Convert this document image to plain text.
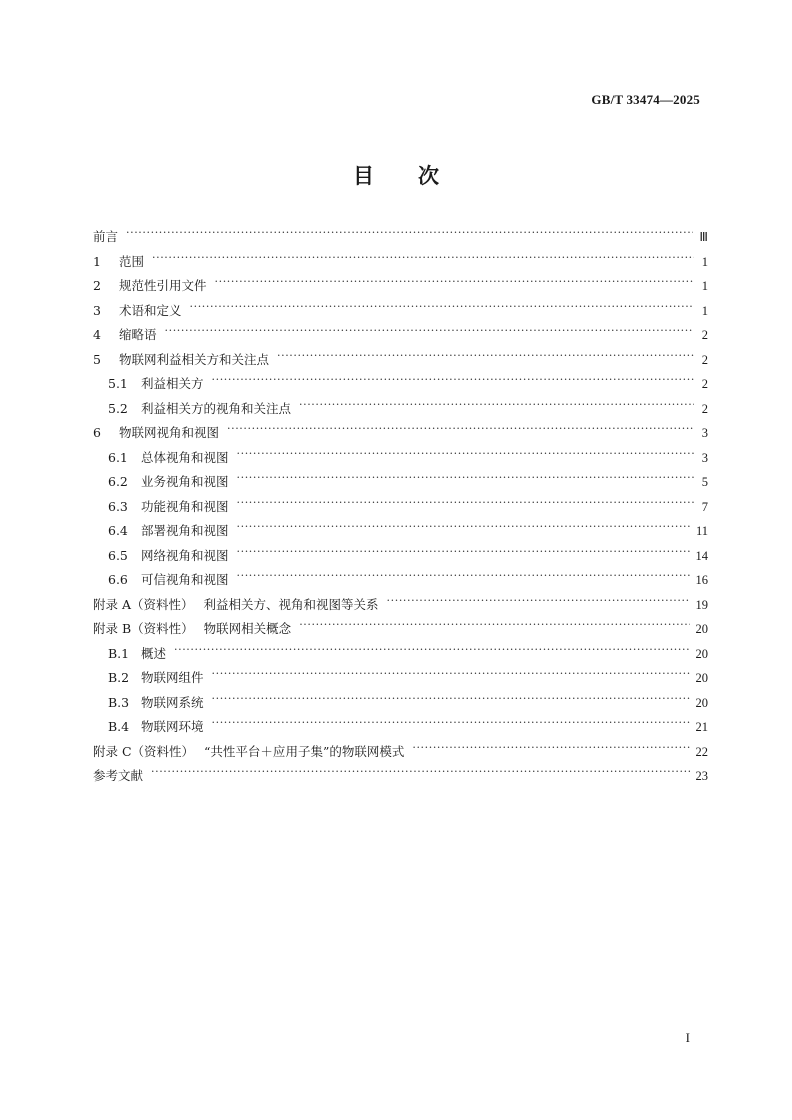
GB/T 33474—2025
目 次
前言 ·····	Ⅲ
1	范围 ·····	1
2	规范性引用文件 ·····	1
3	术语和定义 ·····	1
4	缩略语 ·····	2
5	物联网利益相关方和关注点 ·····	2
5.1	利益相关方 ·····	2
5.2	利益相关方的视角和关注点 ·····	2
6	物联网视角和视图 ·····	3
6.1	总体视角和视图 ·····	3
6.2	业务视角和视图 ·····	5
6.3	功能视角和视图 ·····	7
6.4	部署视角和视图 ·····	11
6.5	网络视角和视图 ·····	14
6.6	可信视角和视图 ·····	16
附录 A（资料性） 利益相关方、视角和视图等关系 ·····	19
附录 B（资料性） 物联网相关概念 ·····	20
B.1 概述 ·····	20
B.2 物联网组件 ·····	20
B.3 物联网系统 ·····	20
B.4 物联网环境 ·····	21
附录 C（资料性） “共性平台＋应用子集”的物联网模式 ·····	22
参考文献 ·····	23
I
